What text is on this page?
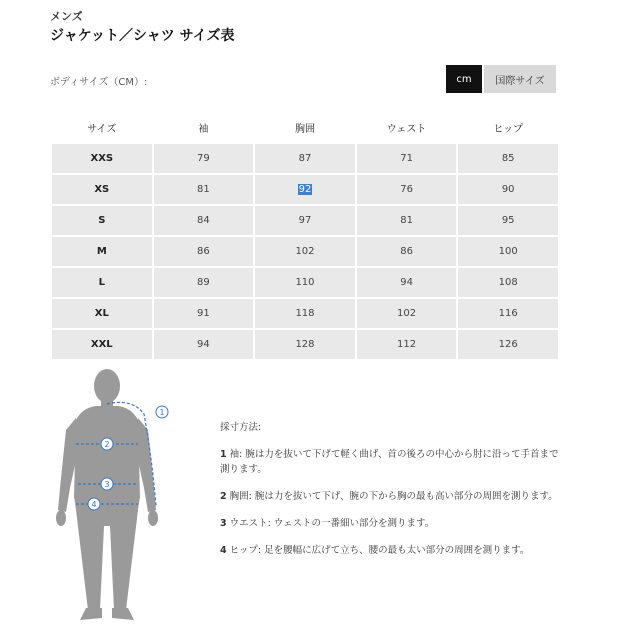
メンズ
ジャケット／シャツ サイズ表
ボディサイズ（CM）:	cm	国際サイズ
サイズ	袖	胸囲	ウェスト	ヒップ
XXS	79	87	71	85
XS	81	92	76	90
S	84	97	81	95
M	86	102	86	100
L	89	110	94	108
XL	91	118	102	116
XXL	94	128	112	126
1
2
3
4
採寸方法:

1 袖: 腕は力を抜いて下げて軽く曲げ、首の後ろの中心から肘に沿って手首まで測ります。

2 胸囲: 腕は力を抜いて下げ、腕の下から胸の最も高い部分の周囲を測ります。

3 ウエスト: ウェストの一番細い部分を測ります。

4 ヒップ: 足を腰幅に広げて立ち、腰の最も太い部分の周囲を測ります。
